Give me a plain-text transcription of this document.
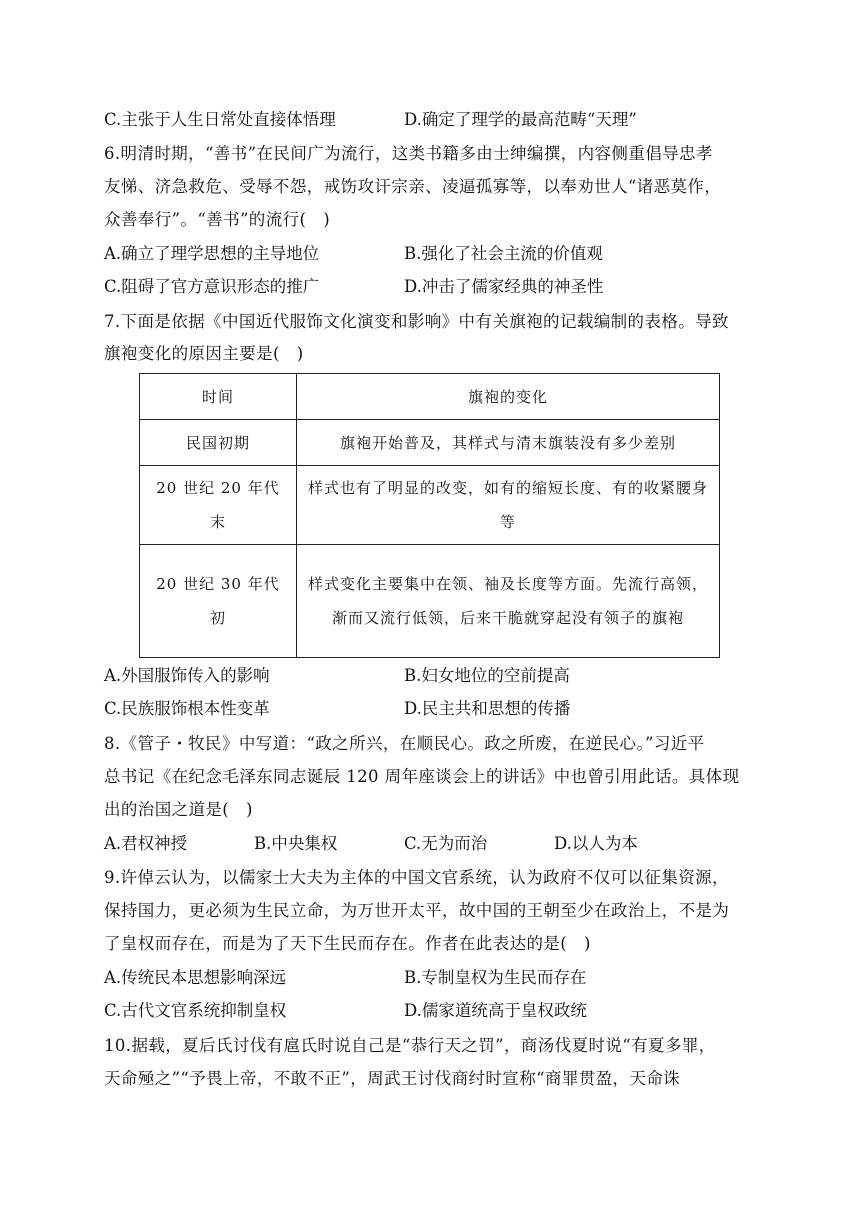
C.主张于人生日常处直接体悟理	D.确定了理学的最高范畴“天理”
6.明清时期，“善书”在民间广为流行，这类书籍多由士绅编撰，内容侧重倡导忠孝
友悌、济急救危、受辱不怨，戒饬攻讦宗亲、凌逼孤寡等，以奉劝世人“诸恶莫作，
众善奉行”。“善书”的流行(　)
A.确立了理学思想的主导地位	B.强化了社会主流的价值观
C.阻碍了官方意识形态的推广	D.冲击了儒家经典的神圣性
7.下面是依据《中国近代服饰文化演变和影响》中有关旗袍的记载编制的表格。导致
旗袍变化的原因主要是(　)
时间	旗袍的变化
民国初期	旗袍开始普及，其样式与清末旗装没有多少差别
20 世纪 20 年代末	样式也有了明显的改变，如有的缩短长度、有的收紧腰身等
20 世纪 30 年代初	样式变化主要集中在领、袖及长度等方面。先流行高领，渐而又流行低领，后来干脆就穿起没有领子的旗袍
A.外国服饰传入的影响	B.妇女地位的空前提高
C.民族服饰根本性变革	D.民主共和思想的传播
8.《管子・牧民》中写道：“政之所兴，在顺民心。政之所废，在逆民心。”习近平
总书记《在纪念毛泽东同志诞辰 120 周年座谈会上的讲话》中也曾引用此话。具体现
出的治国之道是(　)
A.君权神授	B.中央集权	C.无为而治	D.以人为本
9.许倬云认为，以儒家士大夫为主体的中国文官系统，认为政府不仅可以征集资源，
保持国力，更必须为生民立命，为万世开太平，故中国的王朝至少在政治上，不是为
了皇权而存在，而是为了天下生民而存在。作者在此表达的是(　)
A.传统民本思想影响深远	B.专制皇权为生民而存在
C.古代文官系统抑制皇权	D.儒家道统高于皇权政统
10.据载，夏后氏讨伐有扈氏时说自己是“恭行天之罚”，商汤伐夏时说“有夏多罪，
天命殛之”“予畏上帝，不敢不正”，周武王讨伐商纣时宣称“商罪贯盈，天命诛
